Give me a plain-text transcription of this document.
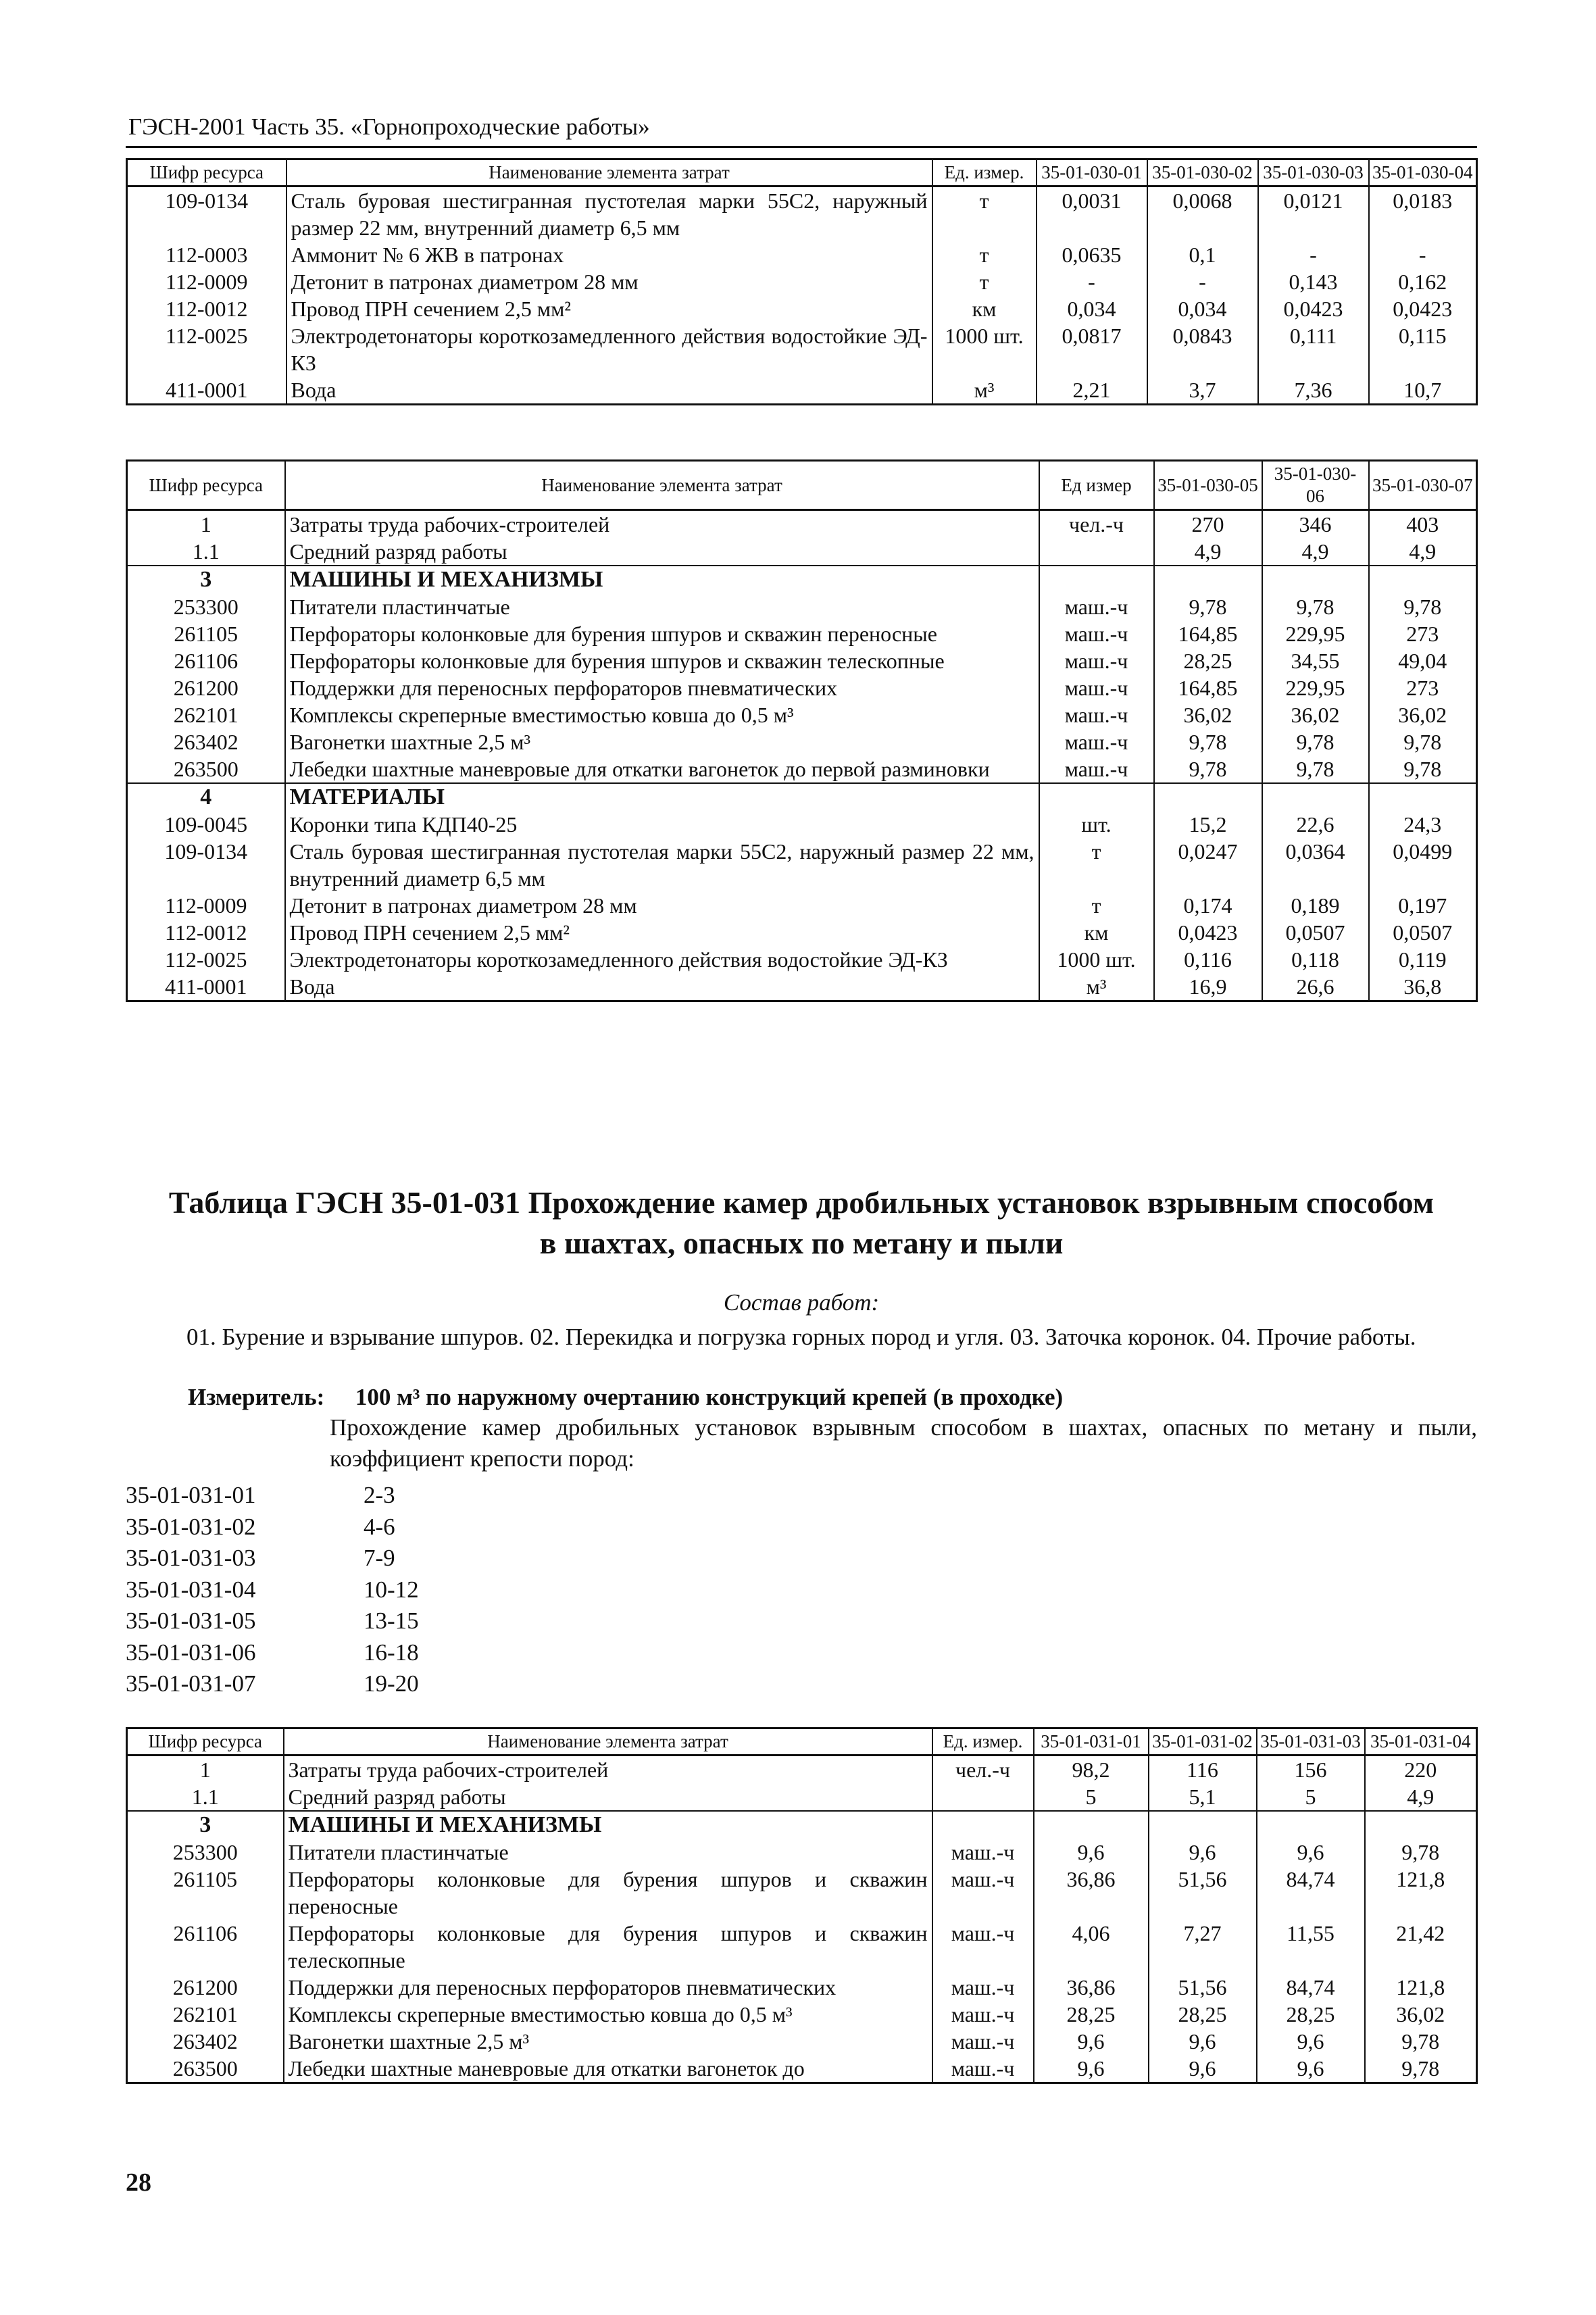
ГЭСН-2001 Часть 35. «Горнопроходческие работы»
Шифр ресурса	Наименование элемента затрат	Ед. измер.	35-01-030-01	35-01-030-02	35-01-030-03	35-01-030-04
109-0134	Сталь буровая шестигранная пустотелая марки 55С2, наружный размер 22 мм, внутренний диаметр 6,5 мм	т	0,0031	0,0068	0,0121	0,0183
112-0003	Аммонит № 6 ЖВ в патронах	т	0,0635	0,1	-	-
112-0009	Детонит в патронах диаметром 28 мм	т	-	-	0,143	0,162
112-0012	Провод ПРН сечением 2,5 мм²	км	0,034	0,034	0,0423	0,0423
112-0025	Электродетонаторы короткозамедленного действия водостойкие ЭД-КЗ	1000 шт.	0,0817	0,0843	0,111	0,115
411-0001	Вода	м³	2,21	3,7	7,36	10,7
Шифр ресурса	Наименование элемента затрат	Ед измер	35-01-030-05	35-01-030-06	35-01-030-07
1	Затраты труда рабочих-строителей	чел.-ч	270	346	403
1.1	Средний разряд работы		4,9	4,9	4,9
3	МАШИНЫ И МЕХАНИЗМЫ				
253300	Питатели пластинчатые	маш.-ч	9,78	9,78	9,78
261105	Перфораторы колонковые для бурения шпуров и скважин переносные	маш.-ч	164,85	229,95	273
261106	Перфораторы колонковые для бурения шпуров и скважин телескопные	маш.-ч	28,25	34,55	49,04
261200	Поддержки для переносных перфораторов пневматических	маш.-ч	164,85	229,95	273
262101	Комплексы скреперные вместимостью ковша до 0,5 м³	маш.-ч	36,02	36,02	36,02
263402	Вагонетки шахтные 2,5 м³	маш.-ч	9,78	9,78	9,78
263500	Лебедки шахтные маневровые для откатки вагонеток до первой разминовки	маш.-ч	9,78	9,78	9,78
4	МАТЕРИАЛЫ				
109-0045	Коронки типа КДП40-25	шт.	15,2	22,6	24,3
109-0134	Сталь буровая шестигранная пустотелая марки 55С2, наружный размер 22 мм, внутренний диаметр 6,5 мм	т	0,0247	0,0364	0,0499
112-0009	Детонит в патронах диаметром 28 мм	т	0,174	0,189	0,197
112-0012	Провод ПРН сечением 2,5 мм²	км	0,0423	0,0507	0,0507
112-0025	Электродетонаторы короткозамедленного действия водостойкие ЭД-КЗ	1000 шт.	0,116	0,118	0,119
411-0001	Вода	м³	16,9	26,6	36,8
Таблица ГЭСН 35-01-031 Прохождение камер дробильных установок взрывным способом
в шахтах, опасных по метану и пыли
Состав работ:
01. Бурение и взрывание шпуров. 02. Перекидка и погрузка горных пород и угля. 03. Заточка коронок. 04. Прочие работы.
Измеритель: 100 м³ по наружному очертанию конструкций крепей (в проходке)
Прохождение камер дробильных установок взрывным способом в шахтах, опасных по метану и пыли, коэффициент крепости пород:
35-01-031-01	2-3
35-01-031-02	4-6
35-01-031-03	7-9
35-01-031-04	10-12
35-01-031-05	13-15
35-01-031-06	16-18
35-01-031-07	19-20
Шифр ресурса	Наименование элемента затрат	Ед. измер.	35-01-031-01	35-01-031-02	35-01-031-03	35-01-031-04
1	Затраты труда рабочих-строителей	чел.-ч	98,2	116	156	220
1.1	Средний разряд работы		5	5,1	5	4,9
3	МАШИНЫ И МЕХАНИЗМЫ					
253300	Питатели пластинчатые	маш.-ч	9,6	9,6	9,6	9,78
261105	Перфораторы колонковые для бурения шпуров и скважин переносные	маш.-ч	36,86	51,56	84,74	121,8
261106	Перфораторы колонковые для бурения шпуров и скважин телескопные	маш.-ч	4,06	7,27	11,55	21,42
261200	Поддержки для переносных перфораторов пневматических	маш.-ч	36,86	51,56	84,74	121,8
262101	Комплексы скреперные вместимостью ковша до 0,5 м³	маш.-ч	28,25	28,25	28,25	36,02
263402	Вагонетки шахтные 2,5 м³	маш.-ч	9,6	9,6	9,6	9,78
263500	Лебедки шахтные маневровые для откатки вагонеток до	маш.-ч	9,6	9,6	9,6	9,78
28
